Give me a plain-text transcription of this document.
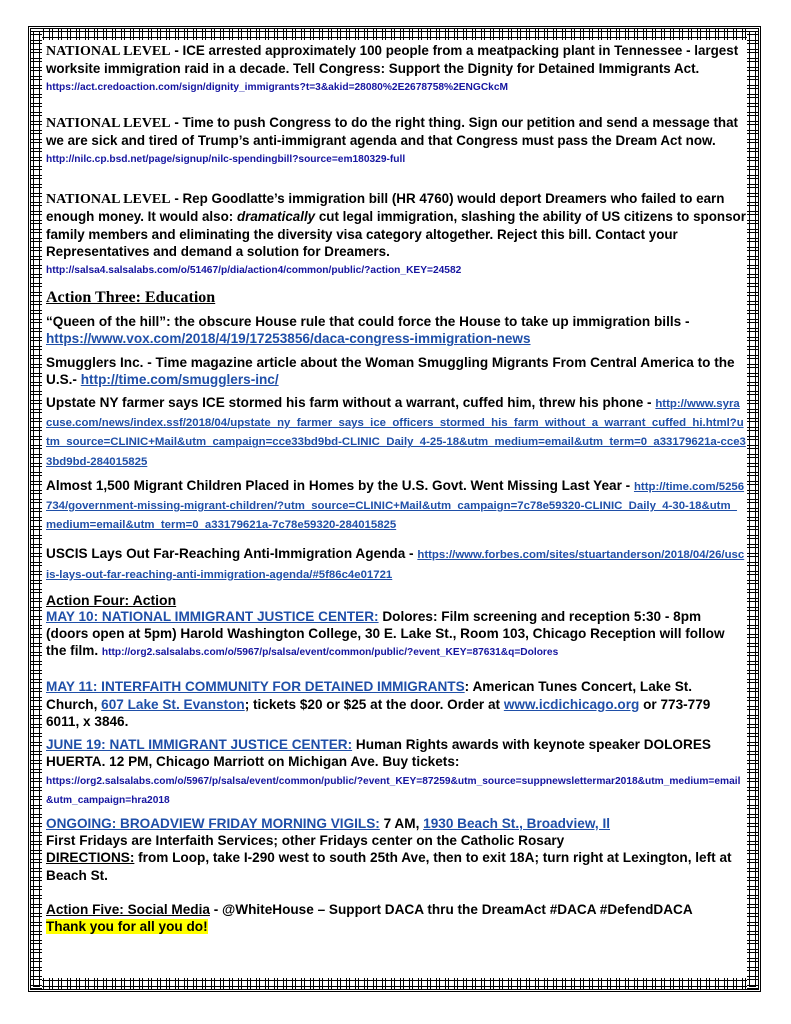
NATIONAL LEVEL - ICE arrested approximately 100 people from a meatpacking plant in Tennessee - largest worksite immigration raid in a decade. Tell Congress: Support the Dignity for Detained Immigrants Act.
https://act.credoaction.com/sign/dignity_immigrants?t=3&akid=28080%2E2678758%2ENGCkcM

NATIONAL LEVEL - Time to push Congress to do the right thing. Sign our petition and send a message that we are sick and tired of Trump’s anti-immigrant agenda and that Congress must pass the Dream Act now. http://nilc.cp.bsd.net/page/signup/nilc-spendingbill?source=em180329-full

NATIONAL LEVEL - Rep Goodlatte’s immigration bill (HR 4760) would deport Dreamers who failed to earn enough money. It would also: dramatically cut legal immigration, slashing the ability of US citizens to sponsor family members and eliminating the diversity visa category altogether. Reject this bill. Contact your Representatives and demand a solution for Dreamers.
http://salsa4.salsalabs.com/o/51467/p/dia/action4/common/public/?action_KEY=24582

Action Three: Education

“Queen of the hill”: the obscure House rule that could force the House to take up immigration bills - https://www.vox.com/2018/4/19/17253856/daca-congress-immigration-news

Smugglers Inc. - Time magazine article about the Woman Smuggling Migrants From Central America to the U.S.- http://time.com/smugglers-inc/

Upstate NY farmer says ICE stormed his farm without a warrant, cuffed him, threw his phone - http://www.syracuse.com/news/index.ssf/2018/04/upstate_ny_farmer_says_ice_officers_stormed_his_farm_without_a_warrant_cuffed_hi.html?utm_source=CLINIC+Mail&utm_campaign=cce33bd9bd-CLINIC_Daily_4-25-18&utm_medium=email&utm_term=0_a33179621a-cce33bd9bd-284015825

Almost 1,500 Migrant Children Placed in Homes by the U.S. Govt. Went Missing Last Year - http://time.com/5256734/government-missing-migrant-children/?utm_source=CLINIC+Mail&utm_campaign=7c78e59320-CLINIC_Daily_4-30-18&utm_medium=email&utm_term=0_a33179621a-7c78e59320-284015825

USCIS Lays Out Far-Reaching Anti-Immigration Agenda - https://www.forbes.com/sites/stuartanderson/2018/04/26/uscis-lays-out-far-reaching-anti-immigration-agenda/#5f86c4e01721

Action Four: Action

MAY 10: NATIONAL IMMIGRANT JUSTICE CENTER: Dolores: Film screening and reception 5:30 - 8pm (doors open at 5pm) Harold Washington College, 30 E. Lake St., Room 103, Chicago Reception will follow the film. http://org2.salsalabs.com/o/5967/p/salsa/event/common/public/?event_KEY=87631&q=Dolores

MAY 11: INTERFAITH COMMUNITY FOR DETAINED IMMIGRANTS: American Tunes Concert, Lake St. Church, 607 Lake St. Evanston; tickets $20 or $25 at the door. Order at www.icdichicago.org or 773-779 6011, x 3846.

JUNE 19: NATL IMMIGRANT JUSTICE CENTER: Human Rights awards with keynote speaker DOLORES HUERTA. 12 PM, Chicago Marriott on Michigan Ave. Buy tickets:
https://org2.salsalabs.com/o/5967/p/salsa/event/common/public/?event_KEY=87259&utm_source=suppnewslettermar2018&utm_medium=email&utm_campaign=hra2018

ONGOING: BROADVIEW FRIDAY MORNING VIGILS: 7 AM, 1930 Beach St., Broadview, Il
First Fridays are Interfaith Services; other Fridays center on the Catholic Rosary
DIRECTIONS: from Loop, take I-290 west to south 25th Ave, then to exit 18A; turn right at Lexington, left at Beach St.

Action Five: Social Media - @WhiteHouse – Support DACA thru the DreamAct #DACA #DefendDACA Thank you for all you do!
